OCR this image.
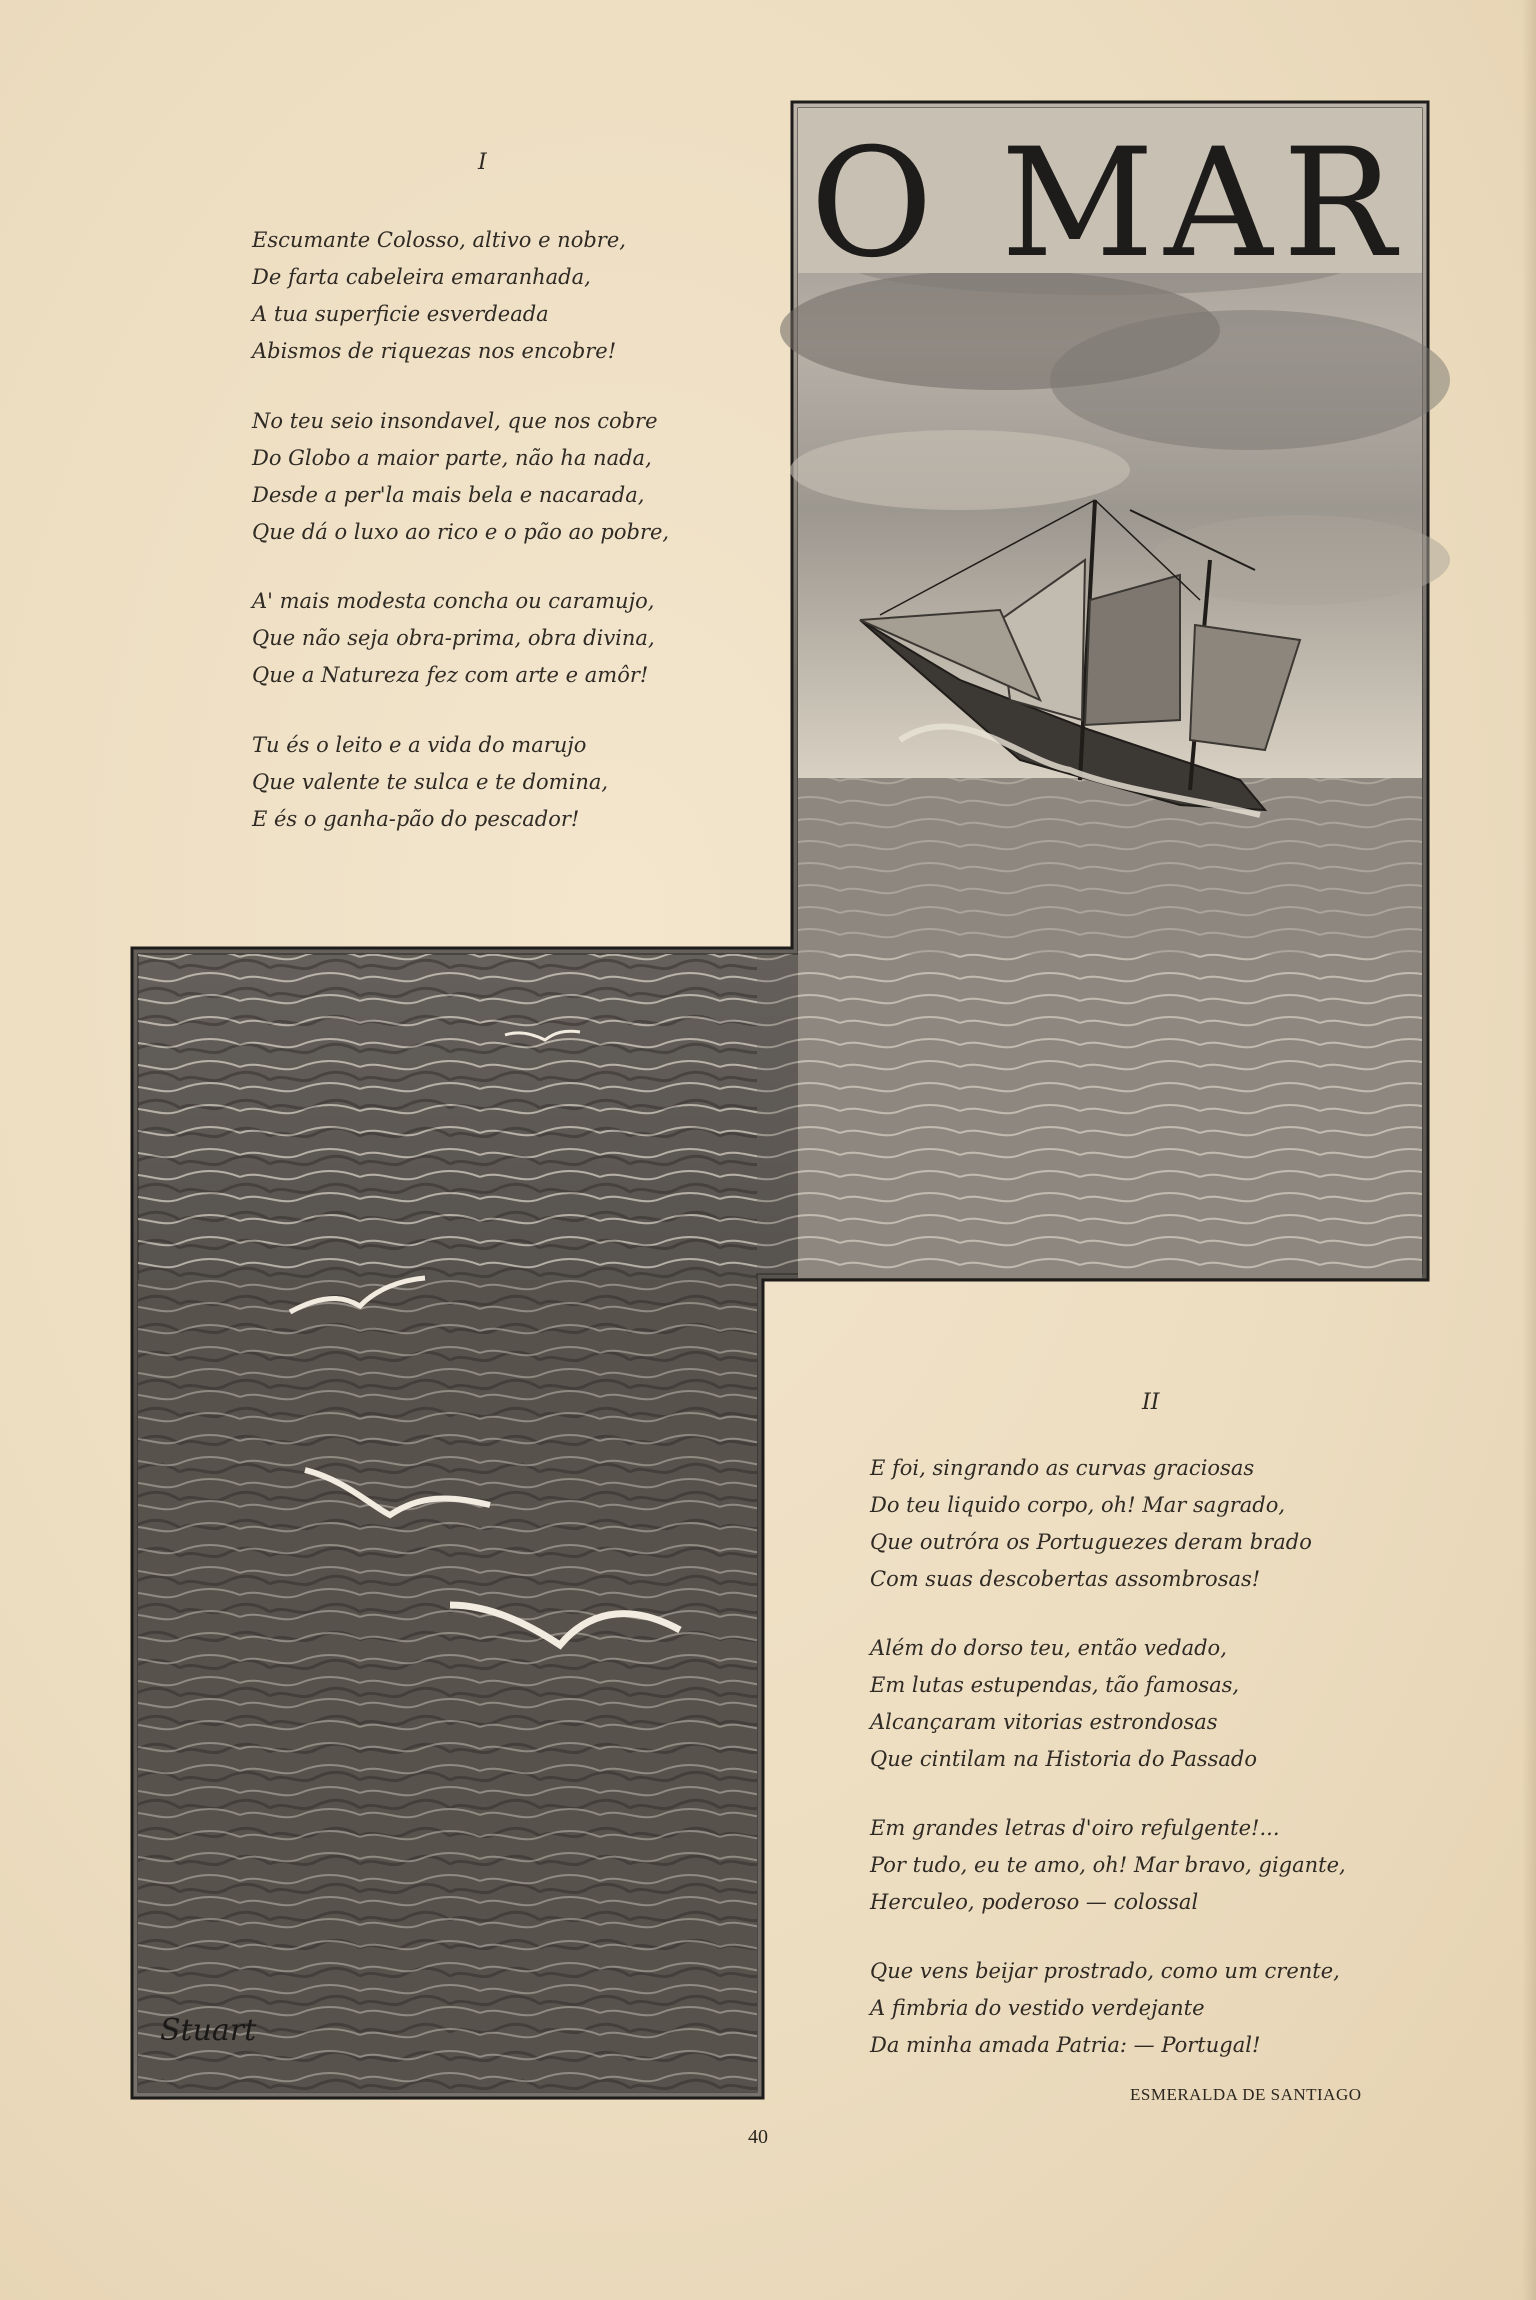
O MAR
Stuart
I
Escumante Colosso, altivo e nobre,
De farta cabeleira emaranhada,
A tua superficie esverdeada
Abismos de riquezas nos encobre!
No teu seio insondavel, que nos cobre
Do Globo a maior parte, não ha nada,
Desde a per'la mais bela e nacarada,
Que dá o luxo ao rico e o pão ao pobre,
A' mais modesta concha ou caramujo,
Que não seja obra-prima, obra divina,
Que a Natureza fez com arte e amôr!
Tu és o leito e a vida do marujo
Que valente te sulca e te domina,
E és o ganha-pão do pescador!
II
E foi, singrando as curvas graciosas
Do teu liquido corpo, oh! Mar sagrado,
Que outróra os Portuguezes deram brado
Com suas descobertas assombrosas!
Além do dorso teu, então vedado,
Em lutas estupendas, tão famosas,
Alcançaram vitorias estrondosas
Que cintilam na Historia do Passado
Em grandes letras d'oiro refulgente!...
Por tudo, eu te amo, oh! Mar bravo, gigante,
Herculeo, poderoso — colossal
Que vens beijar prostrado, como um crente,
A fimbria do vestido verdejante
Da minha amada Patria: — Portugal!
ESMERALDA DE SANTIAGO
40
